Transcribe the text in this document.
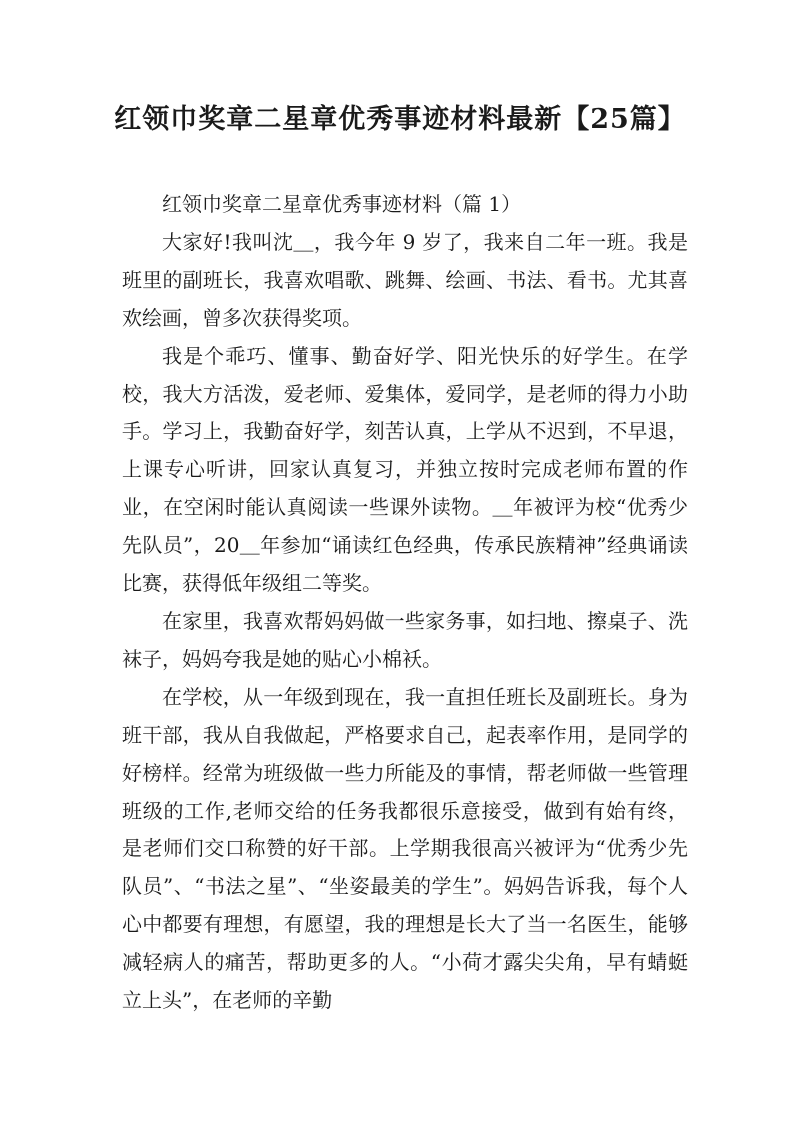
红领巾奖章二星章优秀事迹材料最新【25篇】
红领巾奖章二星章优秀事迹材料（篇 1）

大家好!我叫沈＿，我今年 9 岁了，我来自二年一班。我是班里的副班长，我喜欢唱歌、跳舞、绘画、书法、看书。尤其喜欢绘画，曾多次获得奖项。

我是个乖巧、懂事、勤奋好学、阳光快乐的好学生。在学校，我大方活泼，爱老师、爱集体，爱同学，是老师的得力小助手。学习上，我勤奋好学，刻苦认真，上学从不迟到，不早退，上课专心听讲，回家认真复习，并独立按时完成老师布置的作业，在空闲时能认真阅读一些课外读物。＿年被评为校“优秀少先队员”，20＿年参加“诵读红色经典，传承民族精神”经典诵读比赛，获得低年级组二等奖。

在家里，我喜欢帮妈妈做一些家务事，如扫地、擦桌子、洗袜子，妈妈夸我是她的贴心小棉袄。

在学校，从一年级到现在，我一直担任班长及副班长。身为班干部，我从自我做起，严格要求自己，起表率作用，是同学的好榜样。经常为班级做一些力所能及的事情，帮老师做一些管理班级的工作,老师交给的任务我都很乐意接受，做到有始有终，是老师们交口称赞的好干部。上学期我很高兴被评为“优秀少先队员”、“书法之星”、“坐姿最美的学生”。妈妈告诉我，每个人心中都要有理想，有愿望，我的理想是长大了当一名医生，能够减轻病人的痛苦，帮助更多的人。“小荷才露尖尖角，早有蜻蜓立上头”，在老师的辛勤
